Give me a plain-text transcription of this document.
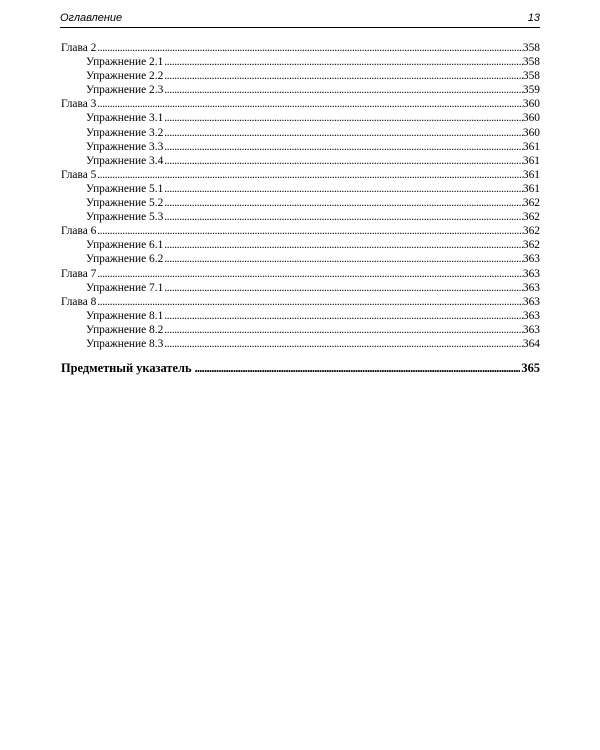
Оглавление	13
Глава 2 . . .	358
Упражнение 2.1 . . .	358
Упражнение 2.2 . . .	358
Упражнение 2.3 . . .	359
Глава 3 . . .	360
Упражнение 3.1 . . .	360
Упражнение 3.2 . . .	360
Упражнение 3.3 . . .	361
Упражнение 3.4 . . .	361
Глава 5 . . .	361
Упражнение 5.1 . . .	361
Упражнение 5.2 . . .	362
Упражнение 5.3 . . .	362
Глава 6 . . .	362
Упражнение 6.1 . . .	362
Упражнение 6.2 . . .	363
Глава 7 . . .	363
Упражнение 7.1 . . .	363
Глава 8 . . .	363
Упражнение 8.1 . . .	363
Упражнение 8.2 . . .	363
Упражнение 8.3 . . .	364
Предметный указатель . . .	365
